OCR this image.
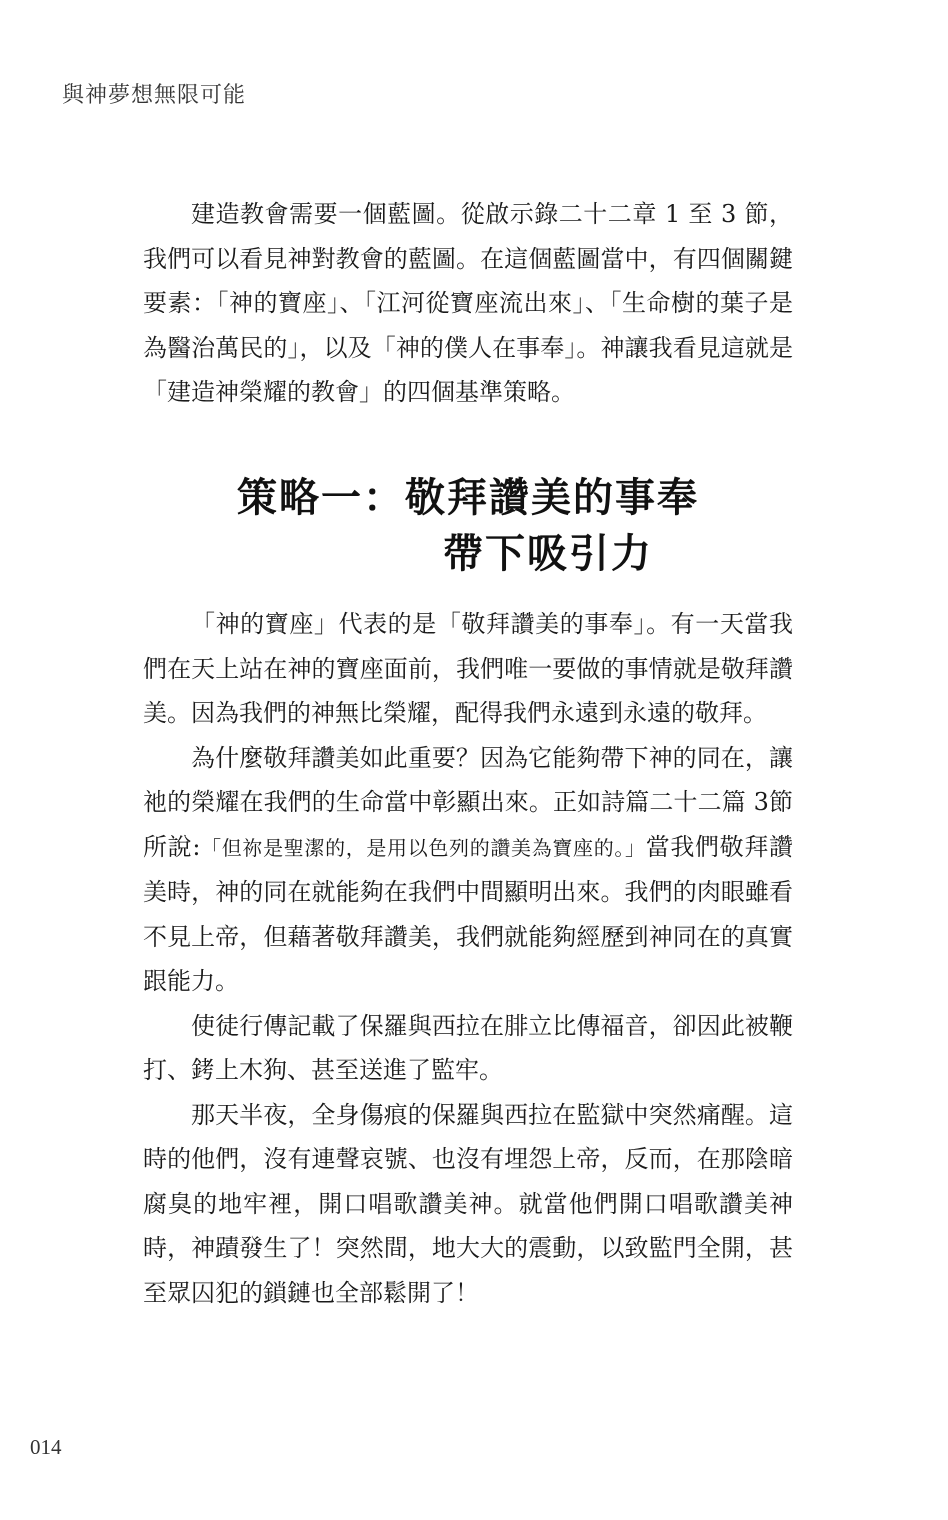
與神夢想無限可能

建造教會需要一個藍圖。從啟示錄二十二章 1 至 3 節，我們可以看見神對教會的藍圖。在這個藍圖當中，有四個關鍵要素：「神的寶座」、「江河從寶座流出來」、「生命樹的葉子是為醫治萬民的」，以及「神的僕人在事奉」。神讓我看見這就是「建造神榮耀的教會」的四個基準策略。

策略一：敬拜讚美的事奉
帶下吸引力

「神的寶座」代表的是「敬拜讚美的事奉」。有一天當我們在天上站在神的寶座面前，我們唯一要做的事情就是敬拜讚美。因為我們的神無比榮耀，配得我們永遠到永遠的敬拜。

為什麼敬拜讚美如此重要？因為它能夠帶下神的同在，讓祂的榮耀在我們的生命當中彰顯出來。正如詩篇二十二篇 3節所說:「但祢是聖潔的，是用以色列的讚美為寶座的。」當我們敬拜讚美時，神的同在就能夠在我們中間顯明出來。我們的肉眼雖看不見上帝，但藉著敬拜讚美，我們就能夠經歷到神同在的真實跟能力。

使徒行傳記載了保羅與西拉在腓立比傳福音，卻因此被鞭打、銬上木狗、甚至送進了監牢。

那天半夜，全身傷痕的保羅與西拉在監獄中突然痛醒。這時的他們，沒有連聲哀號、也沒有埋怨上帝，反而，在那陰暗腐臭的地牢裡，開口唱歌讚美神。就當他們開口唱歌讚美神時，神蹟發生了！突然間，地大大的震動，以致監門全開，甚至眾囚犯的鎖鏈也全部鬆開了！

014
